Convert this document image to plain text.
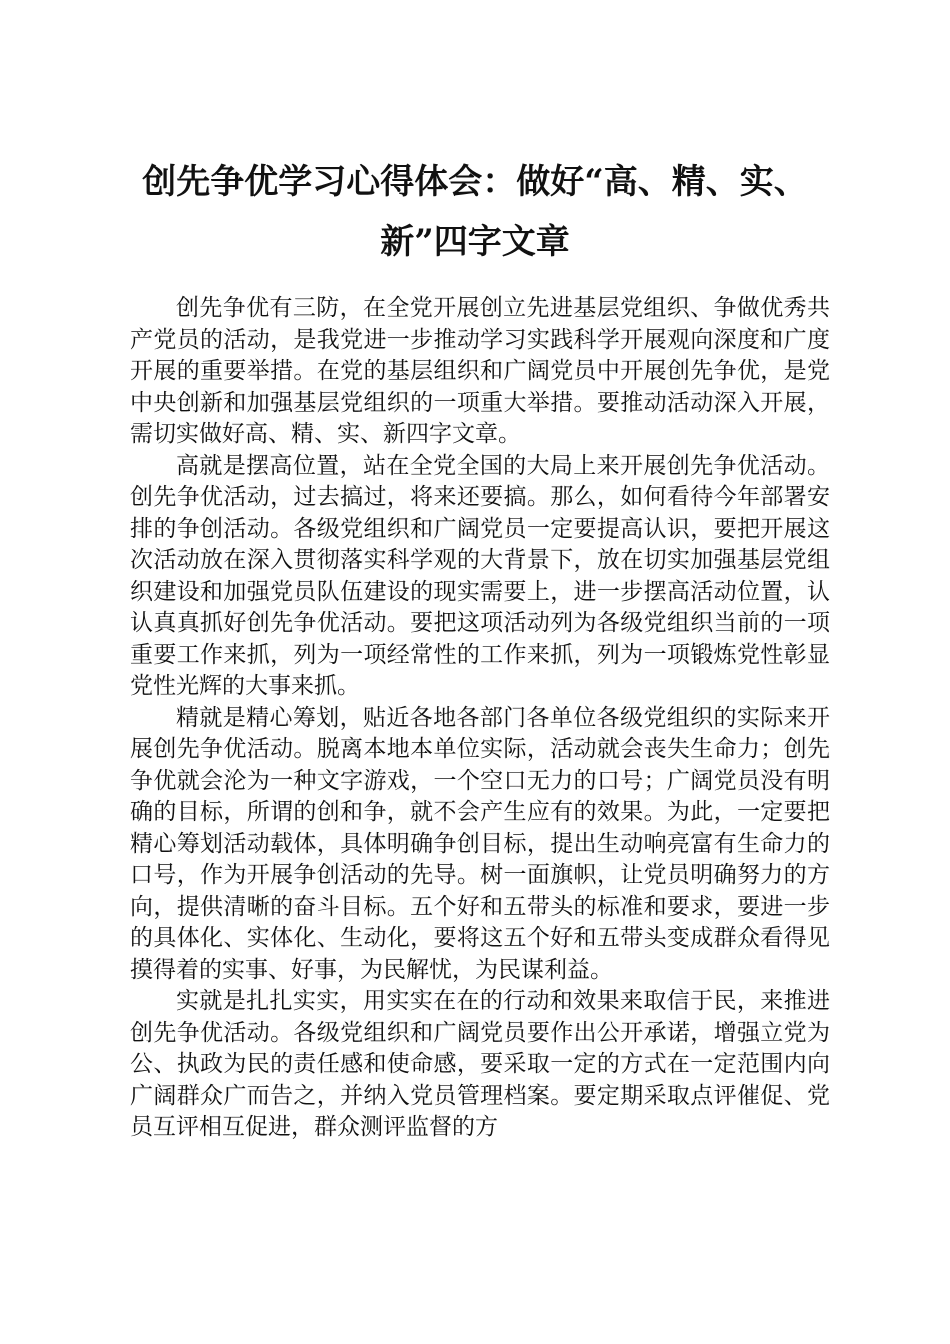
创先争优学习心得体会：做好“高、精、实、
新”四字文章

创先争优有三防，在全党开展创立先进基层党组织、争做优秀共产党员的活动，是我党进一步推动学习实践科学开展观向深度和广度开展的重要举措。在党的基层组织和广阔党员中开展创先争优，是党中央创新和加强基层党组织的一项重大举措。要推动活动深入开展，需切实做好高、精、实、新四字文章。

高就是摆高位置，站在全党全国的大局上来开展创先争优活动。创先争优活动，过去搞过，将来还要搞。那么，如何看待今年部署安排的争创活动。各级党组织和广阔党员一定要提高认识，要把开展这次活动放在深入贯彻落实科学观的大背景下，放在切实加强基层党组织建设和加强党员队伍建设的现实需要上，进一步摆高活动位置，认认真真抓好创先争优活动。要把这项活动列为各级党组织当前的一项重要工作来抓，列为一项经常性的工作来抓，列为一项锻炼党性彰显党性光辉的大事来抓。

精就是精心筹划，贴近各地各部门各单位各级党组织的实际来开展创先争优活动。脱离本地本单位实际，活动就会丧失生命力；创先争优就会沦为一种文字游戏，一个空口无力的口号；广阔党员没有明确的目标，所谓的创和争，就不会产生应有的效果。为此，一定要把精心筹划活动载体，具体明确争创目标，提出生动响亮富有生命力的口号，作为开展争创活动的先导。树一面旗帜，让党员明确努力的方向，提供清晰的奋斗目标。五个好和五带头的标准和要求，要进一步的具体化、实体化、生动化，要将这五个好和五带头变成群众看得见摸得着的实事、好事，为民解忧，为民谋利益。

实就是扎扎实实，用实实在在的行动和效果来取信于民，来推进创先争优活动。各级党组织和广阔党员要作出公开承诺，增强立党为公、执政为民的责任感和使命感，要采取一定的方式在一定范围内向广阔群众广而告之，并纳入党员管理档案。要定期采取点评催促、党员互评相互促进，群众测评监督的方
